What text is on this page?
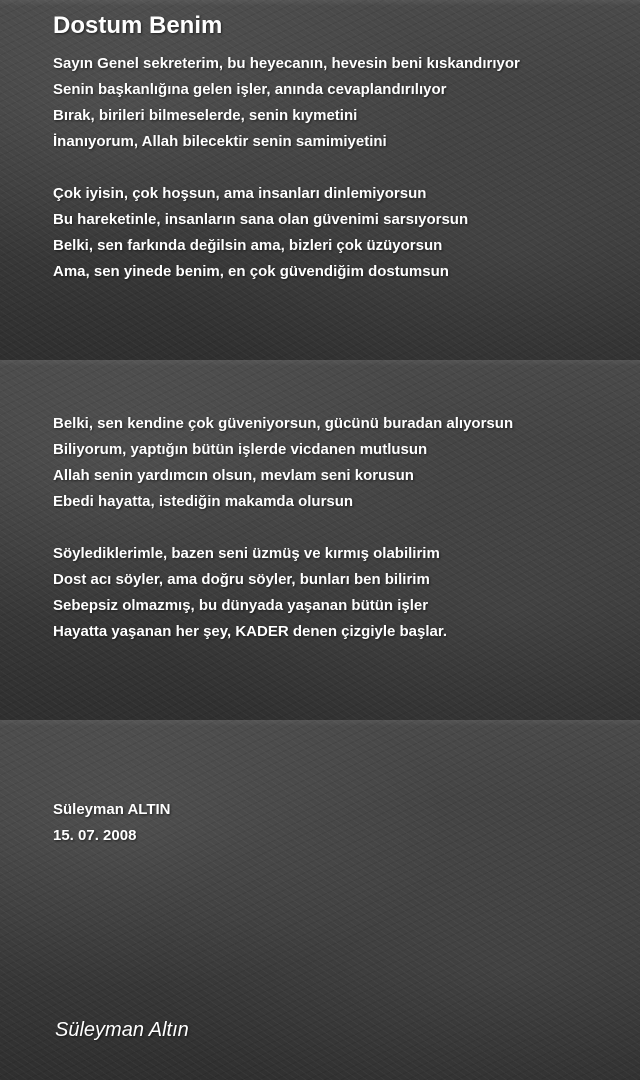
Dostum Benim
Sayın Genel sekreterim, bu heyecanın, hevesin beni kıskandırıyor
Senin başkanlığına gelen işler, anında cevaplandırılıyor
Bırak, birileri bilmeselerde, senin kıymetini
İnanıyorum, Allah bilecektir senin samimiyetini
Çok iyisin, çok hoşsun, ama insanları dinlemiyorsun
Bu hareketinle, insanların sana olan güvenimi sarsıyorsun
Belki, sen farkında değilsin ama, bizleri çok üzüyorsun
Ama, sen yinede benim, en çok güvendiğim dostumsun
Belki, sen kendine çok güveniyorsun, gücünü buradan alıyorsun
Biliyorum, yaptığın bütün işlerde vicdanen mutlusun
Allah senin yardımcın olsun, mevlam seni korusun
Ebedi hayatta, istediğin makamda olursun
Söylediklerimle, bazen seni üzmüş ve kırmış olabilirim
Dost acı söyler, ama doğru söyler, bunları ben bilirim
Sebepsiz olmazmış, bu dünyada yaşanan bütün işler
Hayatta yaşanan her şey, KADER denen çizgiyle başlar.
Süleyman ALTIN
15. 07. 2008
Süleyman Altın
